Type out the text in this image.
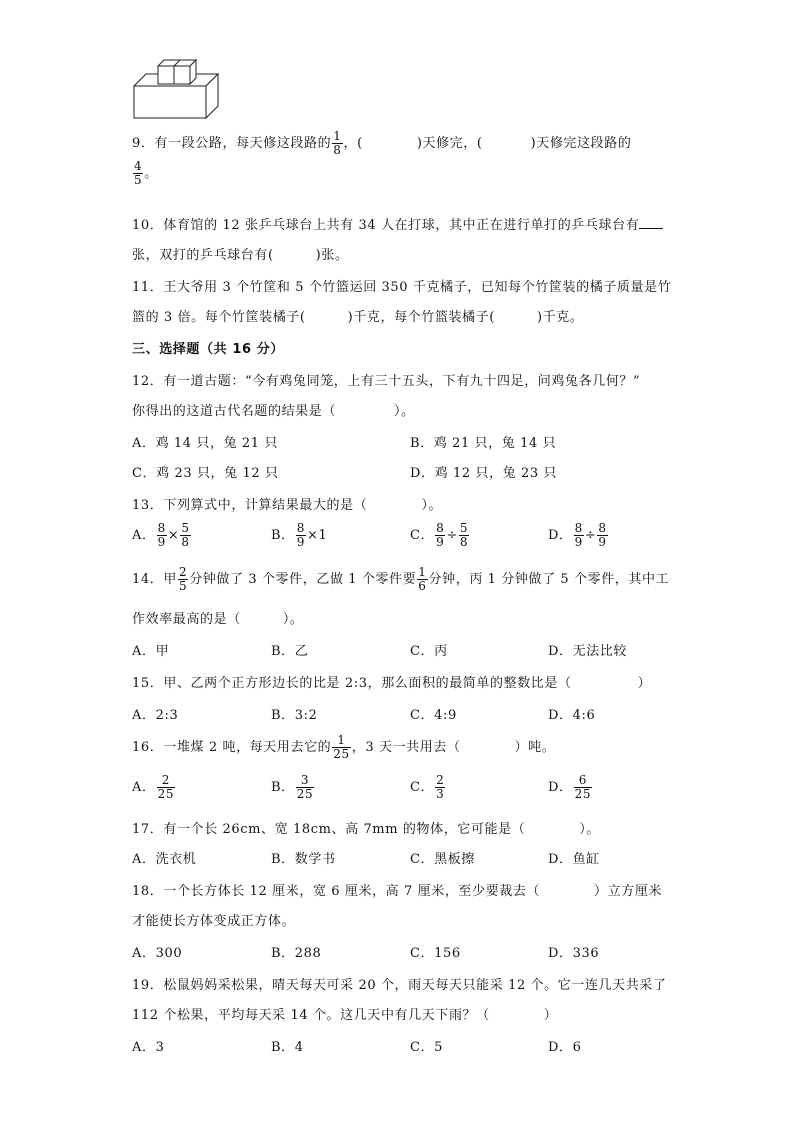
9．有一段公路，每天修这段路的 $\frac{1}{8}$ ，(	)天修完，(	)天修完这段路的
$\frac{4}{5}$ 。
10．体育馆的 12 张乒乓球台上共有 34 人在打球，其中正在进行单打的乒乓球台有
张，双打的乒乓球台有(	)张。
11．王大爷用 3 个竹筐和 5 个竹篮运回 350 千克橘子，已知每个竹筐装的橘子质量是竹
篮的 3 倍。每个竹筐装橘子(	)千克，每个竹篮装橘子(	)千克。
三、选择题（共 16 分）
12．有一道古题：“今有鸡兔同笼，上有三十五头，下有九十四足，问鸡兔各几何？”
你得出的这道古代名题的结果是（	）。
A．鸡 14 只，兔 21 只	B．鸡 21 只，兔 14 只
C．鸡 23 只，兔 12 只	D．鸡 12 只，兔 23 只
13．下列算式中，计算结果最大的是（	）。
A． $\frac{8}{9} \times \frac{5}{8}$	B． $\frac{8}{9} \times 1$	C． $\frac{8}{9} \div \frac{5}{8}$	D． $\frac{8}{9} \div \frac{8}{9}$
14．甲 $\frac{2}{5}$ 分钟做了 3 个零件，乙做 1 个零件要 $\frac{1}{6}$ 分钟，丙 1 分钟做了 5 个零件，其中工
作效率最高的是（	）。
A．甲	B．乙	C．丙	D．无法比较
15．甲、乙两个正方形边长的比是 2:3，那么面积的最简单的整数比是（	）
A．2:3	B．3:2	C．4:9	D．4:6
16．一堆煤 2 吨，每天用去它的 $\frac{1}{25}$ ，3 天一共用去（	）吨。
A． $\frac{2}{25}$	B． $\frac{3}{25}$	C． $\frac{2}{3}$	D． $\frac{6}{25}$
17．有一个长 26cm、宽 18cm、高 7mm 的物体，它可能是（	）。
A．洗衣机	B．数学书	C．黑板擦	D．鱼缸
18．一个长方体长 12 厘米，宽 6 厘米，高 7 厘米，至少要裁去（	）立方厘米
才能使长方体变成正方体。
A．300	B．288	C．156	D．336
19．松鼠妈妈采松果，晴天每天可采 20 个，雨天每天只能采 12 个。它一连几天共采了
112 个松果，平均每天采 14 个。这几天中有几天下雨？（	）
A．3	B．4	C．5	D．6
